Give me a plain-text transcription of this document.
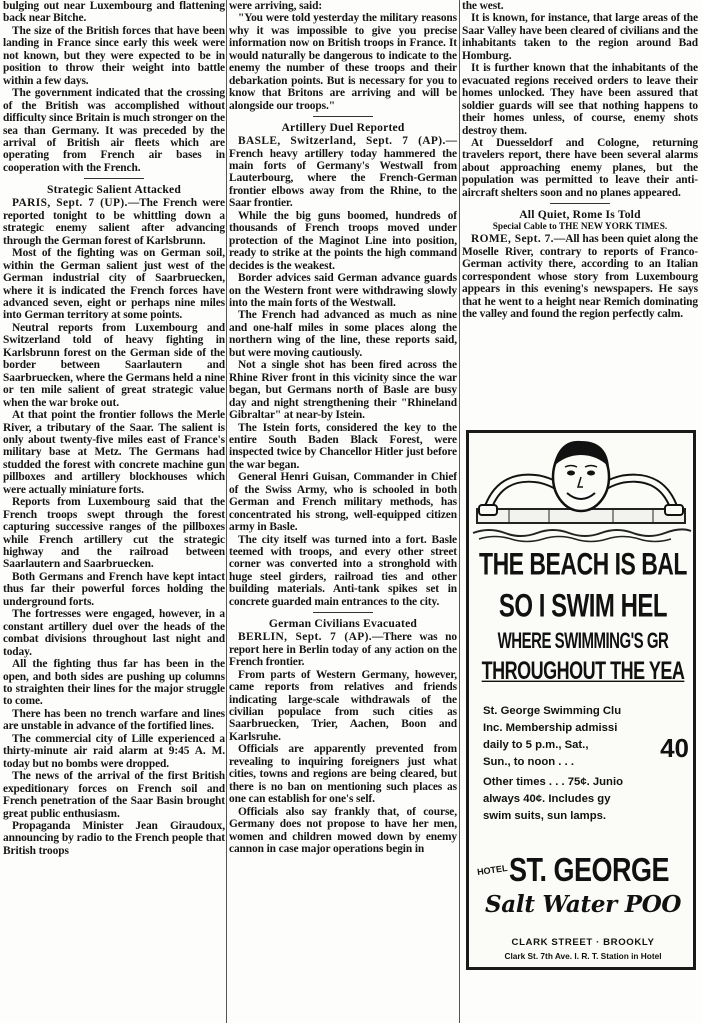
bulging out near Luxembourg and flattening back near Bitche.

The size of the British forces that have been landing in France since early this week were not known, but they were expected to be in position to throw their weight into battle within a few days.

The government indicated that the crossing of the British was accomplished without difficulty since Britain is much stronger on the sea than Germany. It was preceded by the arrival of British air fleets which are operating from French air bases in cooperation with the French.

Strategic Salient Attacked

PARIS, Sept. 7 (UP).—The French were reported tonight to be whittling down a strategic enemy salient after advancing through the German forest of Karlsbrunn.

Most of the fighting was on German soil, within the German salient just west of the German industrial city of Saarbruecken, where it is indicated the French forces have advanced seven, eight or perhaps nine miles into German territory at some points.

Neutral reports from Luxembourg and Switzerland told of heavy fighting in Karlsbrunn forest on the German side of the border between Saarlautern and Saarbruecken, where the Germans held a nine or ten mile salient of great strategic value when the war broke out.

At that point the frontier follows the Merle River, a tributary of the Saar. The salient is only about twenty-five miles east of France's military base at Metz. The Germans had studded the forest with concrete machine gun pillboxes and artillery blockhouses which were actually miniature forts.

Reports from Luxembourg said that the French troops swept through the forest capturing successive ranges of the pillboxes while French artillery cut the strategic highway and the railroad between Saarlautern and Saarbruecken.

Both Germans and French have kept intact thus far their powerful forces holding the underground forts.

The fortresses were engaged, however, in a constant artillery duel over the heads of the combat divisions throughout last night and today.

All the fighting thus far has been in the open, and both sides are pushing up columns to straighten their lines for the major struggle to come.

There has been no trench warfare and lines are unstable in advance of the fortified lines.

The commercial city of Lille experienced a thirty-minute air raid alarm at 9:45 A. M. today but no bombs were dropped.

The news of the arrival of the first British expeditionary forces on French soil and French penetration of the Saar Basin brought great public enthusiasm.

Propaganda Minister Jean Giraudoux, announcing by radio to the French people that British troops

were arriving, said:

"You were told yesterday the military reasons why it was impossible to give you precise information now on British troops in France. It would naturally be dangerous to indicate to the enemy the number of these troops and their debarkation points. But is necessary for you to know that Britons are arriving and will be alongside our troops."

Artillery Duel Reported

BASLE, Switzerland, Sept. 7 (AP).—French heavy artillery today hammered the main forts of Germany's Westwall from Lauterbourg, where the French-German frontier elbows away from the Rhine, to the Saar frontier.

While the big guns boomed, hundreds of thousands of French troops moved under protection of the Maginot Line into position, ready to strike at the points the high command decides is the weakest.

Border advices said German advance guards on the Western front were withdrawing slowly into the main forts of the Westwall.

The French had advanced as much as nine and one-half miles in some places along the northern wing of the line, these reports said, but were moving cautiously.

Not a single shot has been fired across the Rhine River front in this vicinity since the war began, but Germans north of Basle are busy day and night strengthening their "Rhineland Gibraltar" at near-by Istein.

The Istein forts, considered the key to the entire South Baden Black Forest, were inspected twice by Chancellor Hitler just before the war began.

General Henri Guisan, Commander in Chief of the Swiss Army, who is schooled in both German and French military methods, has concentrated his strong, well-equipped citizen army in Basle.

The city itself was turned into a fort. Basle teemed with troops, and every other street corner was converted into a stronghold with huge steel girders, railroad ties and other building materials. Anti-tank spikes set in concrete guarded main entrances to the city.

German Civilians Evacuated

BERLIN, Sept. 7 (AP).—There was no report here in Berlin today of any action on the French frontier.

From parts of Western Germany, however, came reports from relatives and friends indicating large-scale withdrawals of the civilian populace from such cities as Saarbruecken, Trier, Aachen, Boon and Karlsruhe.

Officials are apparently prevented from revealing to inquiring foreigners just what cities, towns and regions are being cleared, but there is no ban on mentioning such places as one can establish for one's self.

Officials also say frankly that, of course, Germany does not propose to have her men, women and children mowed down by enemy cannon in case major operations begin in

the west.

It is known, for instance, that large areas of the Saar Valley have been cleared of civilians and the inhabitants taken to the region around Bad Homburg.

It is further known that the inhabitants of the evacuated regions received orders to leave their homes unlocked. They have been assured that soldier guards will see that nothing happens to their homes unless, of course, enemy shots destroy them.

At Duesseldorf and Cologne, returning travelers report, there have been several alarms about approaching enemy planes, but the population was permitted to leave their anti-aircraft shelters soon and no planes appeared.

All Quiet, Rome Is Told
Special Cable to THE NEW YORK TIMES.

ROME, Sept. 7.—All has been quiet along the Moselle River, contrary to reports of Franco-German activity there, according to an Italian correspondent whose story from Luxembourg appears in this evening's newspapers. He says that he went to a height near Remich dominating the valley and found the region perfectly calm.

THE BEACH IS BAL
SO I SWIM HEL
WHERE SWIMMING'S GR
THROUGHOUT THE YEA
St. George Swimming Clu
Inc. Membership admissi
daily to 5 p.m., Sat.,
Sun., to noon . . .	40
Other times . . . 75¢. Junio
always 40¢. Includes gy
swim suits, sun lamps.
HOTEL ST. GEORGE
Salt Water POO
CLARK STREET · BROOKLY
Clark St. 7th Ave. I. R. T. Station in Hotel
